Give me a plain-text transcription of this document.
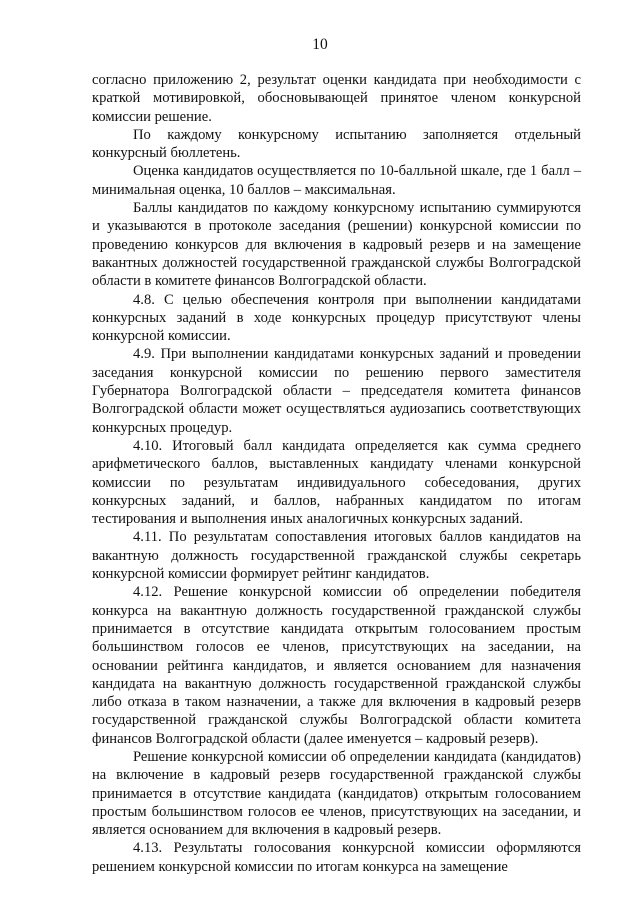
10

согласно приложению 2, результат оценки кандидата при необходимости с краткой мотивировкой, обосновывающей принятое членом конкурсной комиссии решение.

По каждому конкурсному испытанию заполняется отдельный конкурсный бюллетень.

Оценка кандидатов осуществляется по 10-балльной шкале, где 1 балл – минимальная оценка, 10 баллов – максимальная.

Баллы кандидатов по каждому конкурсному испытанию суммируются и указываются в протоколе заседания (решении) конкурсной комиссии по проведению конкурсов для включения в кадровый резерв и на замещение вакантных должностей государственной гражданской службы Волгоградской области в комитете финансов Волгоградской области.

4.8. С целью обеспечения контроля при выполнении кандидатами конкурсных заданий в ходе конкурсных процедур присутствуют члены конкурсной комиссии.

4.9. При выполнении кандидатами конкурсных заданий и проведении заседания конкурсной комиссии по решению первого заместителя Губернатора Волгоградской области – председателя комитета финансов Волгоградской области может осуществляться аудиозапись соответствующих конкурсных процедур.

4.10. Итоговый балл кандидата определяется как сумма среднего арифметического баллов, выставленных кандидату членами конкурсной комиссии по результатам индивидуального собеседования, других конкурсных заданий, и баллов, набранных кандидатом по итогам тестирования и выполнения иных аналогичных конкурсных заданий.

4.11. По результатам сопоставления итоговых баллов кандидатов на вакантную должность государственной гражданской службы секретарь конкурсной комиссии формирует рейтинг кандидатов.

4.12. Решение конкурсной комиссии об определении победителя конкурса на вакантную должность государственной гражданской службы принимается в отсутствие кандидата открытым голосованием простым большинством голосов ее членов, присутствующих на заседании, на основании рейтинга кандидатов, и является основанием для назначения кандидата на вакантную должность государственной гражданской службы либо отказа в таком назначении, а также для включения в кадровый резерв государственной гражданской службы Волгоградской области комитета финансов Волгоградской области (далее именуется – кадровый резерв).

Решение конкурсной комиссии об определении кандидата (кандидатов) на включение в кадровый резерв государственной гражданской службы принимается в отсутствие кандидата (кандидатов) открытым голосованием простым большинством голосов ее членов, присутствующих на заседании, и является основанием для включения в кадровый резерв.

4.13. Результаты голосования конкурсной комиссии оформляются решением конкурсной комиссии по итогам конкурса на замещение
